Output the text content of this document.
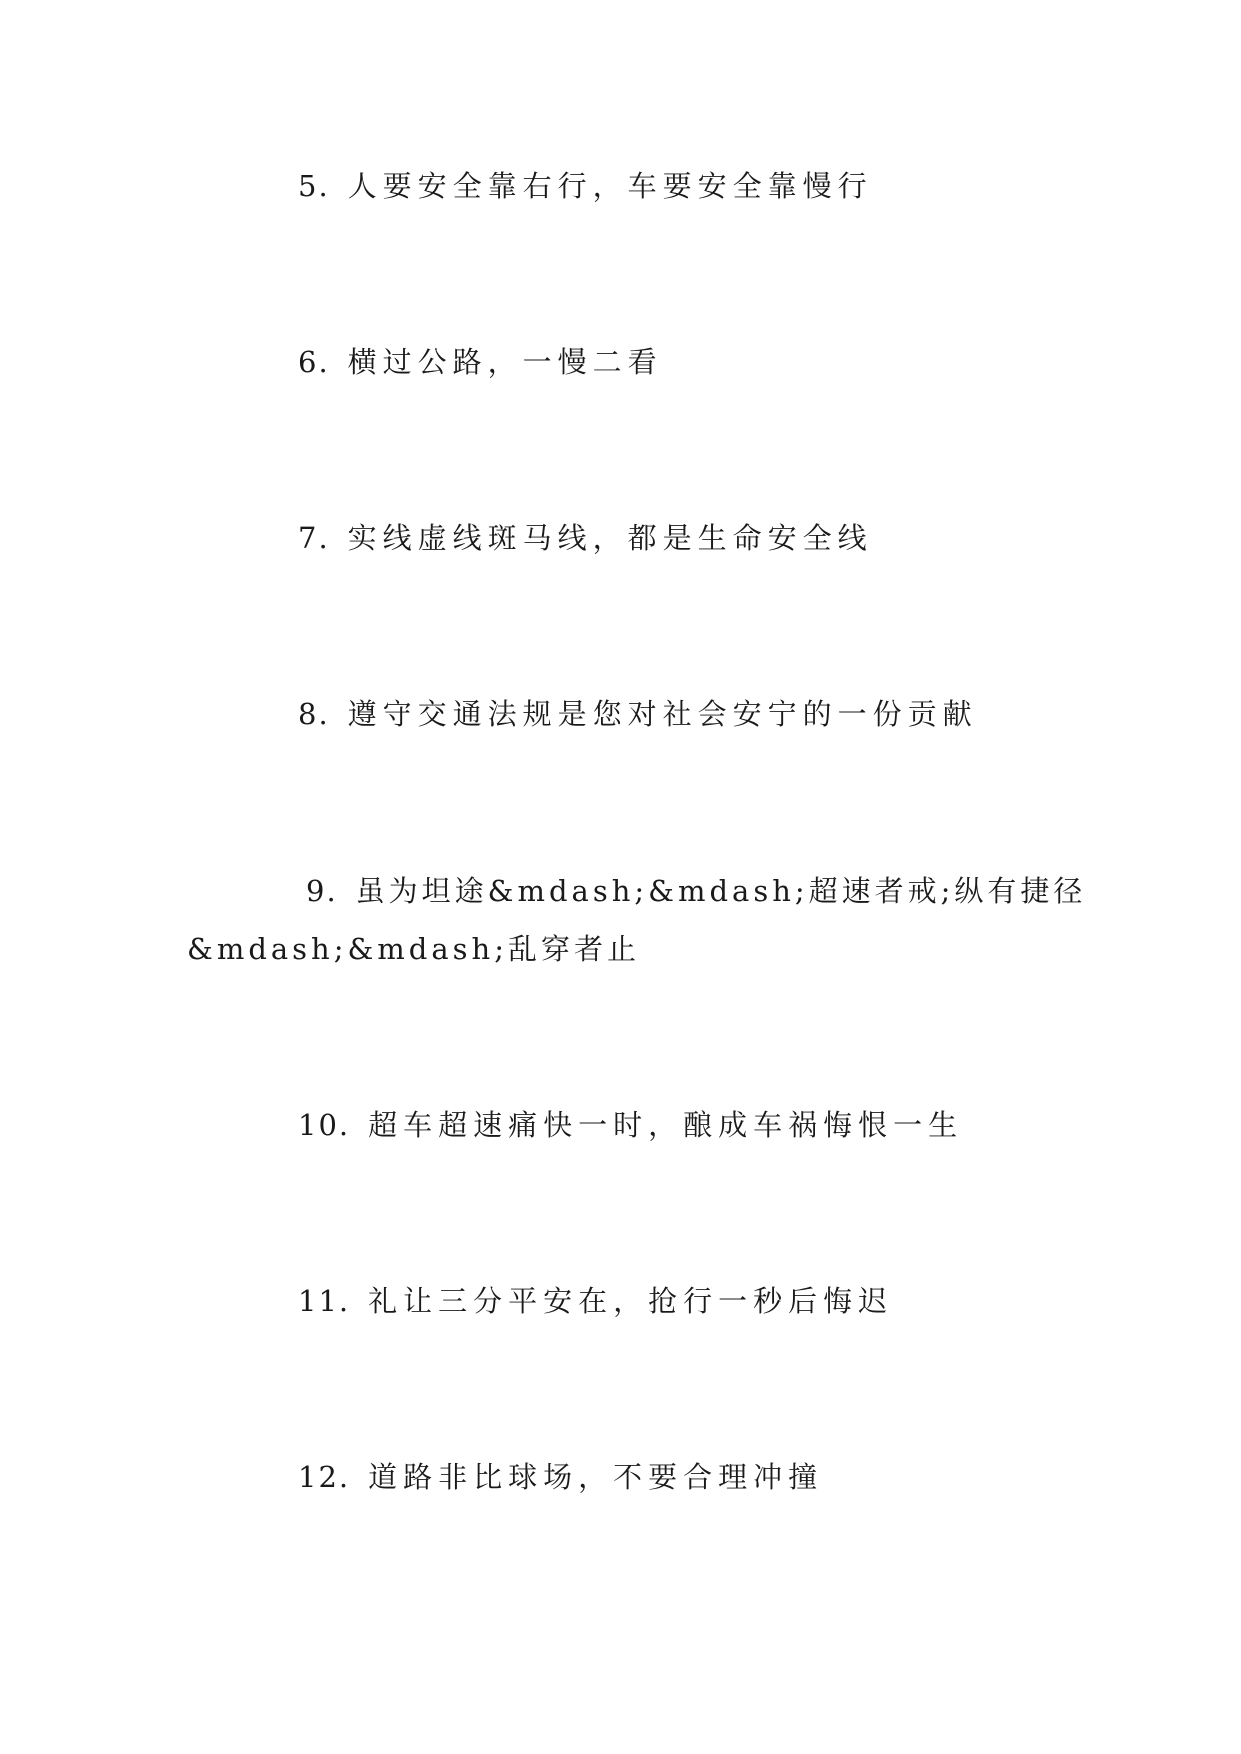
5. 人要安全靠右行，车要安全靠慢行
6. 横过公路，一慢二看
7. 实线虚线斑马线，都是生命安全线
8. 遵守交通法规是您对社会安宁的一份贡献
9. 虽为坦途&mdash;&mdash;超速者戒;纵有捷径
&mdash;&mdash;乱穿者止
10. 超车超速痛快一时，酿成车祸悔恨一生
11. 礼让三分平安在，抢行一秒后悔迟
12. 道路非比球场，不要合理冲撞
